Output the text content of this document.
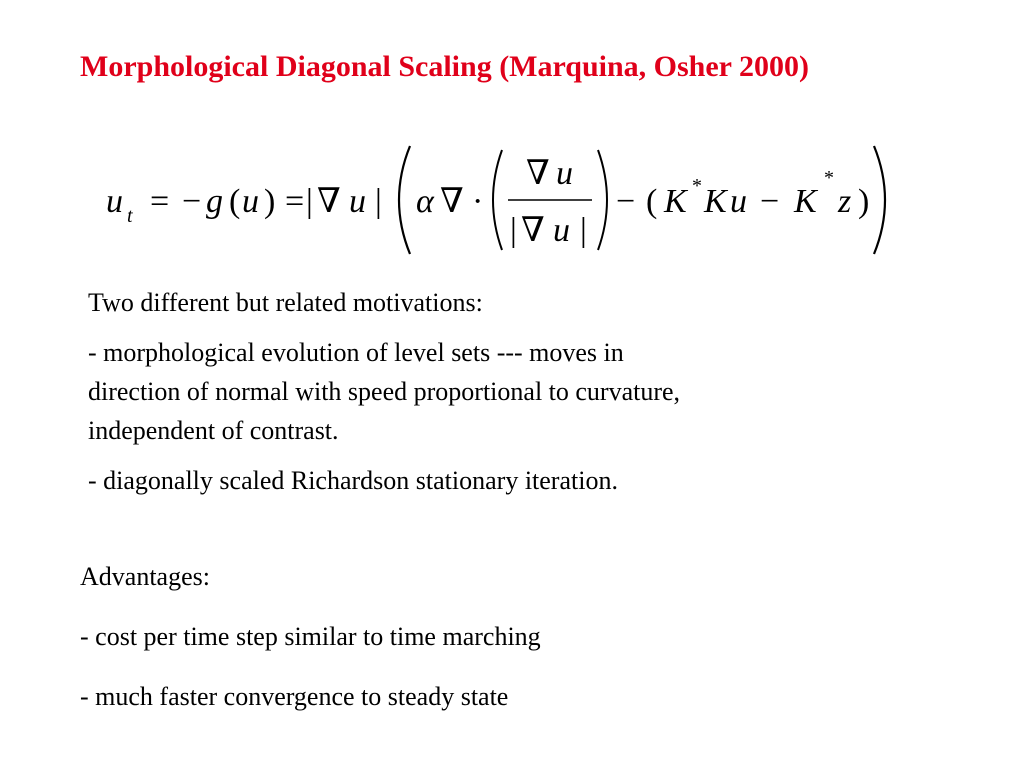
Morphological Diagonal Scaling (Marquina, Osher 2000)
u t = − g ( u ) = | ∇ u | α ∇ ·
∇ u
| ∇ u |
− ( K * K u − K
*
z )

Two different but related motivations:

- morphological evolution of level sets --- moves in

direction of normal with speed proportional to curvature,

independent of contrast.

- diagonally scaled Richardson stationary iteration.

Advantages:

- cost per time step similar to time marching

- much faster convergence to steady state
